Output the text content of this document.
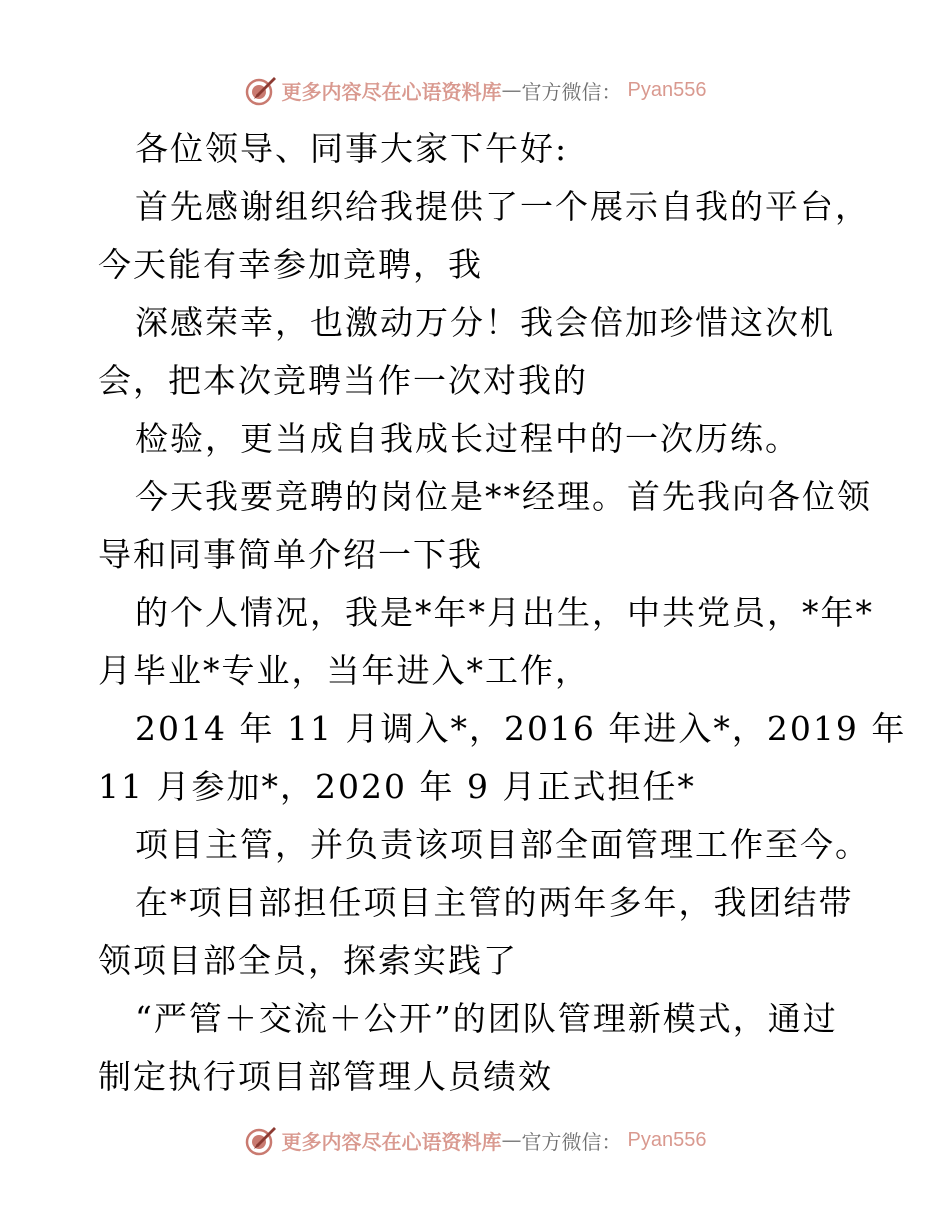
更多内容尽在心语资料库 — 官方微信： Pyan556
各位领导、同事大家下午好:
首先感谢组织给我提供了一个展示自我的平台，
今天能有幸参加竞聘，我
深感荣幸，也激动万分！我会倍加珍惜这次机
会，把本次竞聘当作一次对我的
检验，更当成自我成长过程中的一次历练。
今天我要竞聘的岗位是**经理。首先我向各位领
导和同事简单介绍一下我
的个人情况，我是*年*月出生，中共党员，*年*
月毕业*专业，当年进入*工作，
2014 年 11 月调入*，2016 年进入*，2019 年
11 月参加*，2020 年 9 月正式担任*
项目主管，并负责该项目部全面管理工作至今。
在*项目部担任项目主管的两年多年，我团结带
领项目部全员，探索实践了
“严管＋交流＋公开”的团队管理新模式，通过
制定执行项目部管理人员绩效
更多内容尽在心语资料库 — 官方微信： Pyan556
